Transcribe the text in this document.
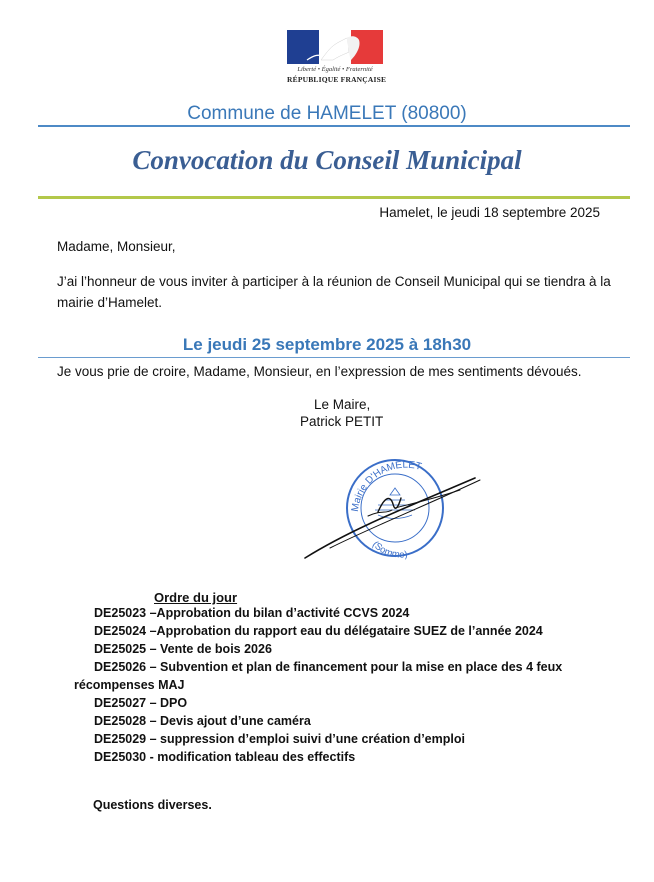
Liberté • Égalité • Fraternité
RÉPUBLIQUE FRANÇAISE
Commune de HAMELET (80800)
Convocation du Conseil Municipal
Hamelet, le jeudi 18 septembre 2025
Madame, Monsieur,
J’ai l’honneur de vous inviter à participer à la réunion de Conseil Municipal qui se tiendra à la mairie d’Hamelet.
Le jeudi 25 septembre 2025 à 18h30
Je vous prie de croire, Madame, Monsieur, en l’expression de mes sentiments dévoués.
Le Maire,
Patrick PETIT
Mairie D'HAMELET
(Somme)
Ordre du jour
DE25023 –Approbation du bilan d’activité CCVS 2024
DE25024 –Approbation du rapport eau du délégataire SUEZ de l’année 2024
DE25025 – Vente de bois 2026
DE25026 – Subvention et plan de financement pour la mise en place des 4 feux
récompenses MAJ
DE25027 – DPO
DE25028 – Devis ajout d’une caméra
DE25029 – suppression d’emploi suivi d’une création d’emploi
DE25030 - modification tableau des effectifs
Questions diverses.
